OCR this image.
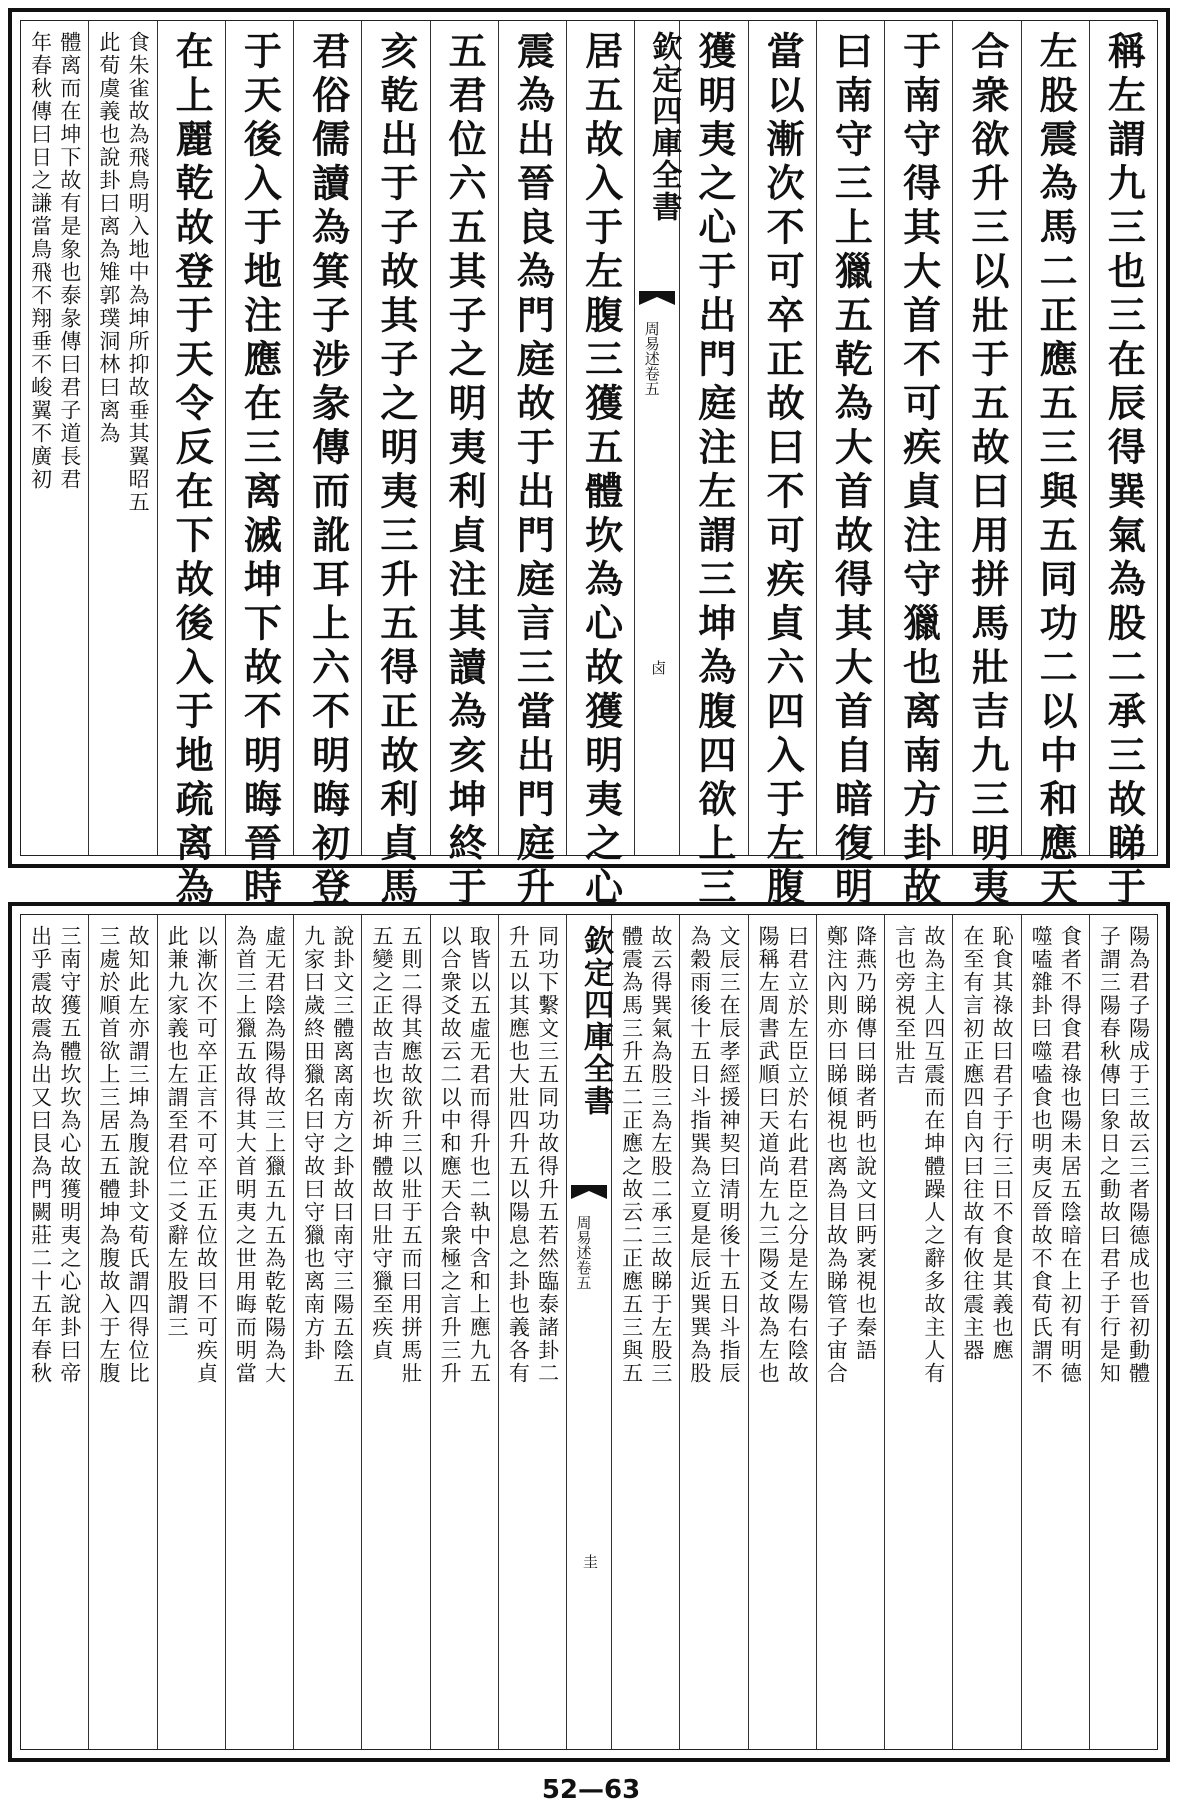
稱左謂九三也三在辰得巽氣為股二承三故睇于
左股震為馬二正應五三與五同功二以中和應天
合衆欲升三以壯于五故曰用拼馬壯吉九三明夷
于南守得其大首不可疾貞注守獵也离南方卦故
曰南守三上獵五乾為大首故得其大首自暗復明
當以漸次不可卒正故曰不可疾貞六四入于左腹
獲明夷之心于出門庭注左謂三坤為腹四欲上三
欽定四庫全書
周易述卷五
卤
居五故入于左腹三獲五體坎為心故獲明夷之心
震為出晉良為門庭故于出門庭言三當出門庭升
五君位六五其子之明夷利貞注其讀為亥坤終于
亥乾出于子故其子之明夷三升五得正故利貞馬
君俗儒讀為箕子涉彖傳而訛耳上六不明晦初登
于天後入于地注應在三离滅坤下故不明晦晉時
在上麗乾故登于天令反在下故後入于地疏离為
食朱雀故為飛鳥明入地中為坤所抑故垂其翼昭五
此荀虞義也說卦曰离為雉郭璞洞林曰离為
體离而在坤下故有是象也泰彖傳曰君子道長君
年春秋傳曰日之謙當鳥飛不翔垂不峻翼不廣初
陽為君子陽成于三故云三者陽德成也晉初動體
子謂三陽春秋傳曰象日之動故曰君子于行是知
食者不得食君祿也陽未居五陰暗在上初有明德
噬嗑雜卦曰噬嗑食也明夷反晉故不食荀氏謂不
恥食其祿故曰君子于行三日不食是其義也應
在至有言初正應四自內曰往故有攸往震主器
故為主人四互震而在坤體躁人之辭多故主人有
言也旁視至壯吉
降燕乃睇傳曰睇者眄也說文曰眄衺視也秦語
鄭注內則亦曰睇傾視也离為目故為睇管子宙合
曰君立於左臣立於右此君臣之分是左陽右陰故
陽稱左周書武順曰天道尚左九三陽爻故為左也
文辰三在辰孝經援神契曰清明後十五日斗指辰
為穀雨後十五日斗指巽為立夏是辰近巽巽為股
故云得巽氣為股三為左股二承三故睇于左股三
體震為馬三升五二正應之故云二正應五三與五
欽定四庫全書
周易述卷五
圭
同功下繫文三五同功故得升五若然臨泰諸卦二
升五以其應也大壯四升五以陽息之卦也義各有
取皆以五虛无君而得升也二執中含和上應九五
以合衆爻故云二以中和應天合衆極之言升三升
五則二得其應故欲升三以壯于五而曰用拼馬壯
五變之正故吉也坎祈坤體故曰壯守獵至疾貞
說卦文三體离离南方之卦故曰南守三陽五陰五
九家曰歲終田獵名曰守故曰守獵也离南方卦
虛无君陰為陽得故三上獵五九五為乾乾陽為大
為首三上獵五故得其大首明夷之世用晦而明當
以漸次不可卒正言不可卒正五位故曰不可疾貞
此兼九家義也左謂至君位二爻辭左股謂三
故知此左亦謂三坤為腹說卦文荀氏謂四得位比
三處於順首欲上三居五五體坤為腹故入于左腹
三南守獲五體坎坎為心故獲明夷之心說卦曰帝
出乎震故震為出又曰艮為門闕莊二十五年春秋
52—63
